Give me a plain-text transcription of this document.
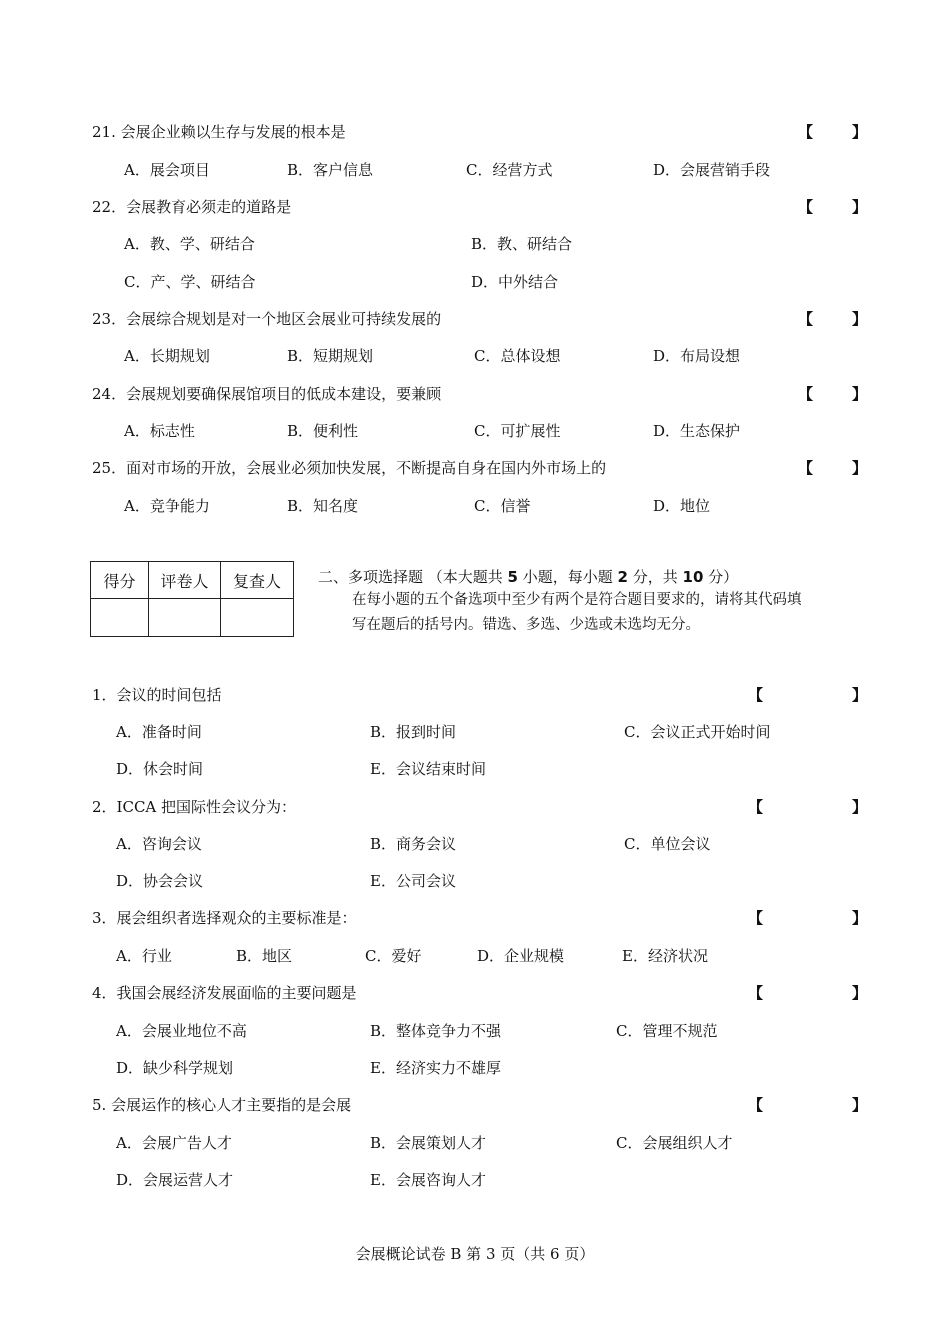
21. 会展企业赖以生存与发展的根本是	【	】
A．展会项目	B．客户信息	C．经营方式	D．会展营销手段
22．会展教育必须走的道路是	【	】
A．教、学、研结合	B．教、研结合
C．产、学、研结合	D．中外结合
23．会展综合规划是对一个地区会展业可持续发展的	【	】
A．长期规划	B．短期规划	C．总体设想	D．布局设想
24．会展规划要确保展馆项目的低成本建设，要兼顾	【	】
A．标志性	B．便利性	C．可扩展性	D．生态保护
25．面对市场的开放，会展业必须加快发展，不断提高自身在国内外市场上的	【	】
A．竞争能力	B．知名度	C．信誉	D．地位
得分	评卷人	复查人
		二、多项选择题 （本大题共 5 小题，每小题 2 分，共 10 分）
在每小题的五个备选项中至少有两个是符合题目要求的，请将其代码填
写在题后的括号内。错选、多选、少选或未选均无分。
1．会议的时间包括	【	】
A．准备时间	B．报到时间	C．会议正式开始时间
D．休会时间	E．会议结束时间
2．ICCA 把国际性会议分为：	【	】
A．咨询会议	B．商务会议	C．单位会议
D．协会会议	E．公司会议
3．展会组织者选择观众的主要标准是：	【	】
A．行业	B．地区	C．爱好	D．企业规模	E．经济状况
4．我国会展经济发展面临的主要问题是	【	】
A．会展业地位不高	B．整体竞争力不强	C．管理不规范
D．缺少科学规划	E．经济实力不雄厚
5. 会展运作的核心人才主要指的是会展	【	】
A．会展广告人才	B．会展策划人才	C．会展组织人才
D．会展运营人才	E．会展咨询人才
会展概论试卷 B 第 3 页（共 6 页）
